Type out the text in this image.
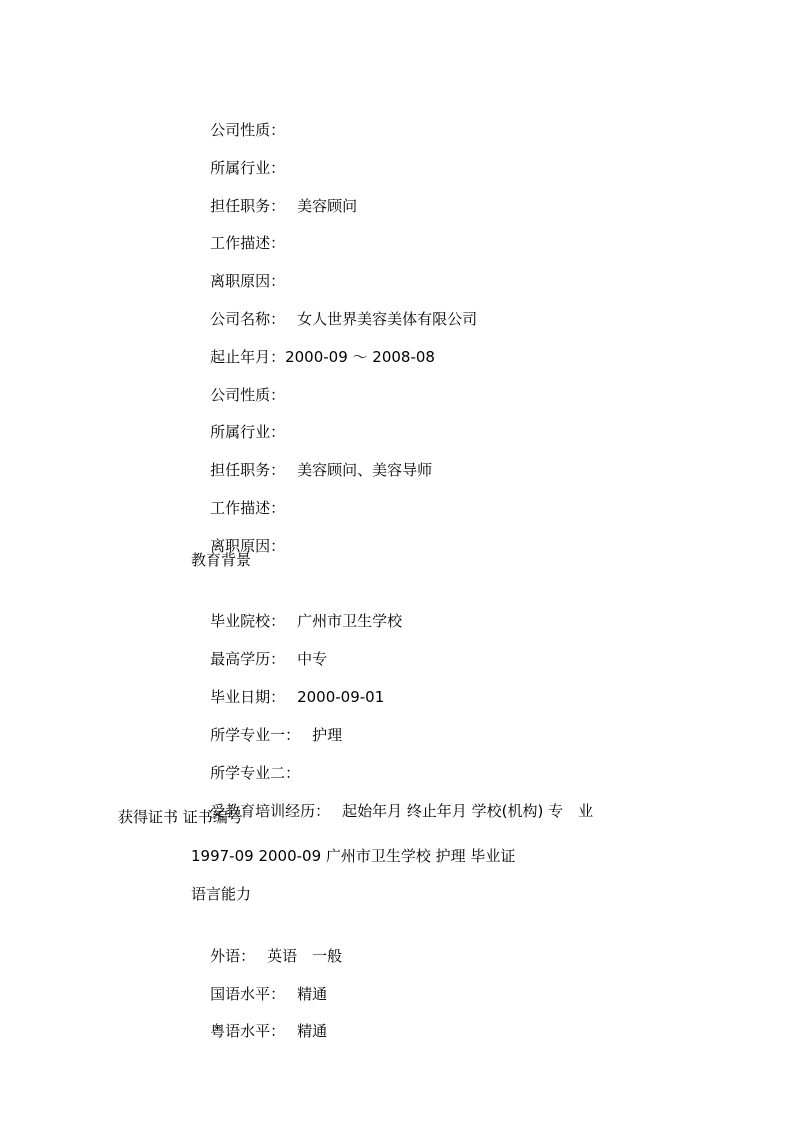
公司性质：

所属行业：

担任职务： 美容顾问

工作描述：

离职原因：

公司名称： 女人世界美容美体有限公司

起止年月：2000-09 ～ 2008-08

公司性质：

所属行业：

担任职务： 美容顾问、美容导师

工作描述：

离职原因：

教育背景

毕业院校： 广州市卫生学校

最高学历： 中专

毕业日期： 2000-09-01

所学专业一： 护理

所学专业二：

受教育培训经历： 起始年月 终止年月 学校(机构) 专　业

获得证书 证书编号
1997-09 2000-09 广州市卫生学校 护理 毕业证
语言能力

外语： 英语　一般

国语水平： 精通

粤语水平： 精通
